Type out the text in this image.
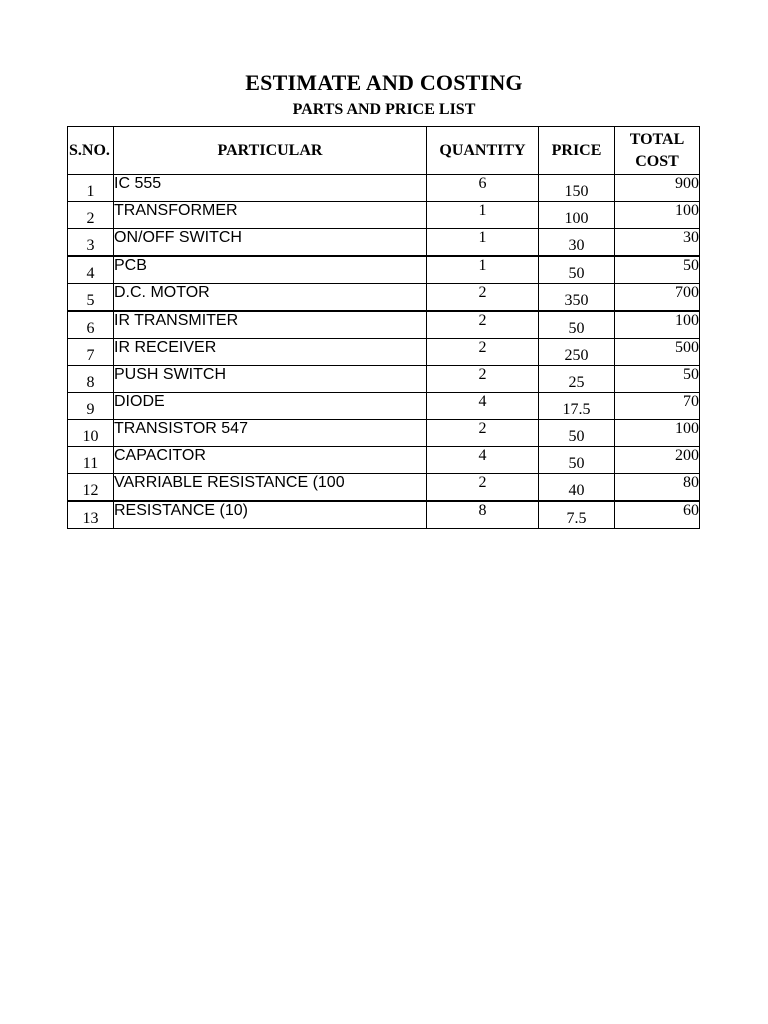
ESTIMATE AND COSTING
PARTS AND PRICE LIST
S.NO.	PARTICULAR	QUANTITY	PRICE	TOTAL COST
1	IC 555	6	150	900
2	TRANSFORMER	1	100	100
3	ON/OFF SWITCH	1	30	30
4	PCB	1	50	50
5	D.C. MOTOR	2	350	700
6	IR TRANSMITER	2	50	100
7	IR RECEIVER	2	250	500
8	PUSH SWITCH	2	25	50
9	DIODE	4	17.5	70
10	TRANSISTOR 547	2	50	100
11	CAPACITOR	4	50	200
12	VARRIABLE RESISTANCE (100	2	40	80
13	RESISTANCE (10)	8	7.5	60
